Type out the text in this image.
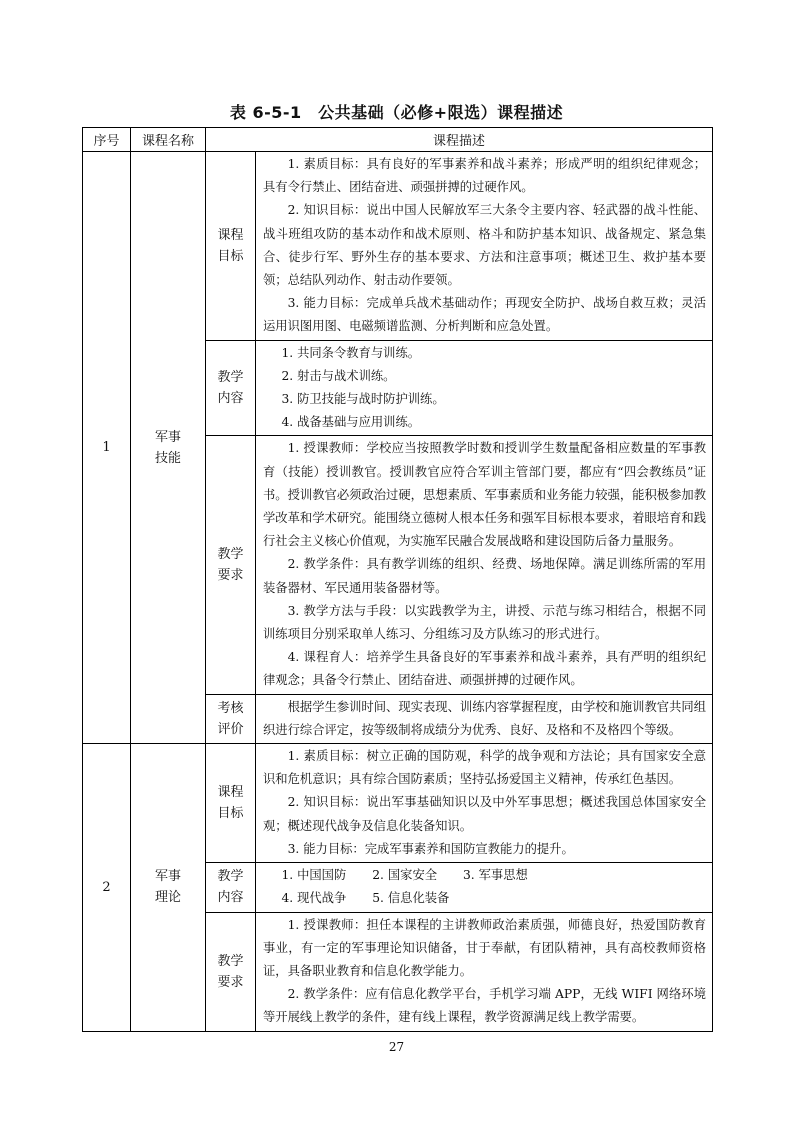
表 6-5-1　公共基础（必修+限选）课程描述
序号	课程名称	课程描述	
1	军事技能	课程目标	1. 素质目标：具有良好的军事素养和战斗素养；形成严明的组织纪律观念；具有令行禁止、团结奋进、顽强拼搏的过硬作风。
2. 知识目标：说出中国人民解放军三大条令主要内容、轻武器的战斗性能、战斗班组攻防的基本动作和战术原则、格斗和防护基本知识、战备规定、紧急集合、徒步行军、野外生存的基本要求、方法和注意事项；概述卫生、救护基本要领；总结队列动作、射击动作要领。
3. 能力目标：完成单兵战术基础动作；再现安全防护、战场自救互救；灵活运用识图用图、电磁频谱监测、分析判断和应急处置。

		教学内容	1. 共同条令教育与训练。
2. 射击与战术训练。
3. 防卫技能与战时防护训练。
4. 战备基础与应用训练。

		教学要求	1. 授课教师：学校应当按照教学时数和授训学生数量配备相应数量的军事教育（技能）授训教官。授训教官应符合军训主管部门要，都应有“四会教练员”证书。授训教官必须政治过硬，思想素质、军事素质和业务能力较强，能积极参加教学改革和学术研究。能围绕立德树人根本任务和强军目标根本要求，着眼培育和践行社会主义核心价值观，为实施军民融合发展战略和建设国防后备力量服务。
2. 教学条件：具有教学训练的组织、经费、场地保障。满足训练所需的军用装备器材、军民通用装备器材等。
3. 教学方法与手段：以实践教学为主，讲授、示范与练习相结合，根据不同训练项目分别采取单人练习、分组练习及方队练习的形式进行。
4. 课程育人：培养学生具备良好的军事素养和战斗素养，具有严明的组织纪律观念；具备令行禁止、团结奋进、顽强拼搏的过硬作风。

		考核评价	根据学生参训时间、现实表现、训练内容掌握程度，由学校和施训教官共同组织进行综合评定，按等级制将成绩分为优秀、良好、及格和不及格四个等级。

2	军事理论	课程目标	1. 素质目标：树立正确的国防观，科学的战争观和方法论；具有国家安全意识和危机意识；具有综合国防素质；坚持弘扬爱国主义精神，传承红色基因。
2. 知识目标：说出军事基础知识以及中外军事思想；概述我国总体国家安全观；概述现代战争及信息化装备知识。
3. 能力目标：完成军事素养和国防宣教能力的提升。

		教学内容	1. 中国国防 2. 国家安全 3. 军事思想
4. 现代战争 5. 信息化装备

		教学要求	1. 授课教师：担任本课程的主讲教师政治素质强，师德良好，热爱国防教育事业，有一定的军事理论知识储备，甘于奉献，有团队精神，具有高校教师资格证，具备职业教育和信息化教学能力。
2. 教学条件：应有信息化教学平台，手机学习端 APP，无线 WIFI 网络环境等开展线上教学的条件，建有线上课程，教学资源满足线上教学需要。
27
